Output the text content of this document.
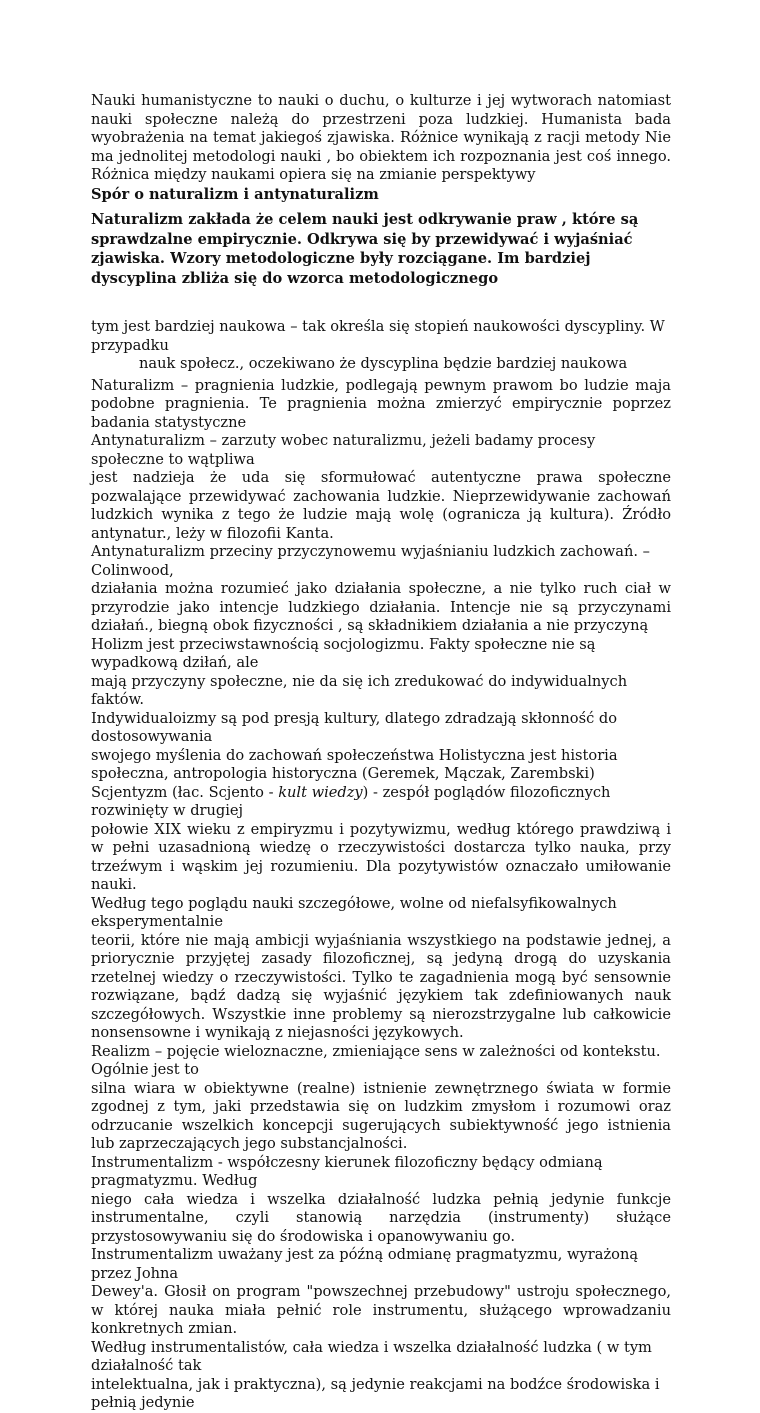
Nauki humanistyczne to nauki o duchu, o kulturze i jej wytworach natomiast nauki społeczne należą do przestrzeni poza ludzkiej. Humanista bada wyobrażenia na temat jakiegoś zjawiska. Różnice wynikają z racji metody Nie ma jednolitej metodologi nauki , bo obiektem ich rozpoznania jest coś innego. Różnica między naukami opiera się na zmianie perspektywy

Spór o naturalizm i antynaturalizm

Naturalizm zakłada że celem nauki jest odkrywanie praw , które są sprawdzalne empirycznie. Odkrywa się by przewidywać i wyjaśniać zjawiska. Wzory metodologiczne były rozciągane. Im bardziej dyscyplina zbliża się do wzorca metodologicznego

tym jest bardziej naukowa – tak określa się stopień naukowości dyscypliny. W przypadku

nauk społecz., oczekiwano że dyscyplina będzie bardziej naukowa

Naturalizm – pragnienia ludzkie, podlegają pewnym prawom bo ludzie maja podobne pragnienia. Te pragnienia można zmierzyć empirycznie poprzez badania statystyczne

Antynaturalizm – zarzuty wobec naturalizmu, jeżeli badamy procesy społeczne to wątpliwa

jest nadzieja że uda się sformułować autentyczne prawa społeczne pozwalające przewidywać zachowania ludzkie. Nieprzewidywanie zachowań ludzkich wynika z tego że ludzie mają wolę (ogranicza ją kultura). Źródło antynatur., leży w filozofii Kanta.

Antynaturalizm przeciny przyczynowemu wyjaśnianiu ludzkich zachowań. – Colinwood,

działania można rozumieć jako działania społeczne, a nie tylko ruch ciał w przyrodzie jako intencje ludzkiego działania. Intencje nie są przyczynami działań., biegną obok fizyczności , są składnikiem działania a nie przyczyną

Holizm jest przeciwstawnością socjologizmu. Fakty społeczne nie są wypadkową dziłań, ale

mają przyczyny społeczne, nie da się ich zredukować do indywidualnych faktów.

Indywidualoizmy są pod presją kultury, dlatego zdradzają skłonność do dostosowywania

swojego myślenia do zachowań społeczeństwa Holistyczna jest historia społeczna, antropologia historyczna (Geremek, Mączak, Zarembski)

Scjentyzm (łac. Scjento - kult wiedzy) - zespół poglądów filozoficznych rozwinięty w drugiej

połowie XIX wieku z empiryzmu i pozytywizmu, według którego prawdziwą i w pełni uzasadnioną wiedzę o rzeczywistości dostarcza tylko nauka, przy trzeźwym i wąskim jej rozumieniu. Dla pozytywistów oznaczało umiłowanie nauki.

Według tego poglądu nauki szczegółowe, wolne od niefalsyfikowalnych eksperymentalnie

teorii, które nie mają ambicji wyjaśniania wszystkiego na podstawie jednej, a priorycznie przyjętej zasady filozoficznej, są jedyną drogą do uzyskania rzetelnej wiedzy o rzeczywistości. Tylko te zagadnienia mogą być sensownie rozwiązane, bądź dadzą się wyjaśnić językiem tak zdefiniowanych nauk szczegółowych. Wszystkie inne problemy są nierozstrzygalne lub całkowicie nonsensowne i wynikają z niejasności językowych.

Realizm – pojęcie wieloznaczne, zmieniające sens w zależności od kontekstu. Ogólnie jest to

silna wiara w obiektywne (realne) istnienie zewnętrznego świata w formie zgodnej z tym, jaki przedstawia się on ludzkim zmysłom i rozumowi oraz odrzucanie wszelkich koncepcji sugerujących subiektywność jego istnienia lub zaprzeczających jego substancjalności.

Instrumentalizm - współczesny kierunek filozoficzny będący odmianą pragmatyzmu. Według

niego cała wiedza i wszelka działalność ludzka pełnią jedynie funkcje instrumentalne, czyli stanowią narzędzia (instrumenty) służące przystosowywaniu się do środowiska i opanowywaniu go.

Instrumentalizm uważany jest za późną odmianę pragmatyzmu, wyrażoną przez Johna

Dewey'a. Głosił on program "powszechnej przebudowy" ustroju społecznego, w której nauka miała pełnić role instrumentu, służącego wprowadzaniu konkretnych zmian.

Według instrumentalistów, cała wiedza i wszelka działalność ludzka ( w tym działalność tak

intelektualna, jak i praktyczna), są jedynie reakcjami na bodźce środowiska i pełnią jedynie
